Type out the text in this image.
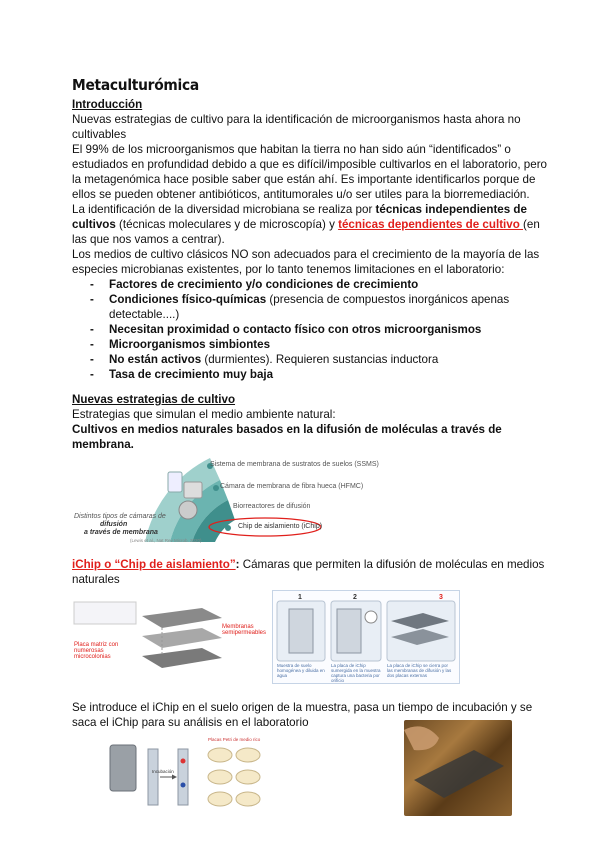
Metaculturómica
Introducción
Nuevas estrategias de cultivo para la identificación de microorganismos hasta ahora no
cultivables
El 99% de los microorganismos que habitan la tierra no han sido aún “identificados” o
estudiados en profundidad debido a que es difícil/imposible cultivarlos en el laboratorio, pero
la metagenómica hace posible saber que están ahí. Es importante identificarlos porque de
ellos se pueden obtener antibióticos, antitumorales u/o ser utiles para la biorremediación.
La identificación de la diversidad microbiana se realiza por técnicas independientes de
cultivos (técnicas moleculares y de microscopía) y técnicas dependientes de cultivo (en
las que nos vamos a centrar).
Los medios de cultivo clásicos NO son adecuados para el crecimiento de la mayoría de las
especies microbianas existentes, por lo tanto tenemos limitaciones en el laboratorio:
- Factores de crecimiento y/o condiciones de crecimiento
- Condiciones físico-químicas (presencia de compuestos inorgánicos apenas
detectable....)
- Necesitan proximidad o contacto físico con otros microorganismos
- Microorganismos simbiontes
- No están activos (durmientes). Requieren sustancias inductora
- Tasa de crecimiento muy baja
Nuevas estrategias de cultivo
Estrategias que simulan el medio ambiente natural:
Cultivos en medios naturales basados en la difusión de moléculas a través de
membrana.
Sistema de membrana de sustratos de suelos (SSMS)
Cámara de membrana de fibra hueca (HFMC)
Biorreactores de difusión
Chip de aislamiento (iChip)
Distintos tipos de cámaras de
difusión
a través de membrana
(Lewis et al., Nat Rev Microb. 2020)
iChip o “Chip de aislamiento”: Cámaras que permiten la difusión de moléculas en medios
naturales
Membranas semipermeables
Placa matriz con numerosas microcolonias
1	2	3
Muestra de suelo homogénea y diluida en agua
La placa de iChip sumergida en la muestra captura una bacteria por orificio
La placa de iChip se cierra por las membranas de difusión y las dos placas externas
Se introduce el iChip en el suelo origen de la muestra, pasa un tiempo de incubación y se
saca el iChip para su análisis en el laboratorio
Incubación
Placas Petri de medio rico
